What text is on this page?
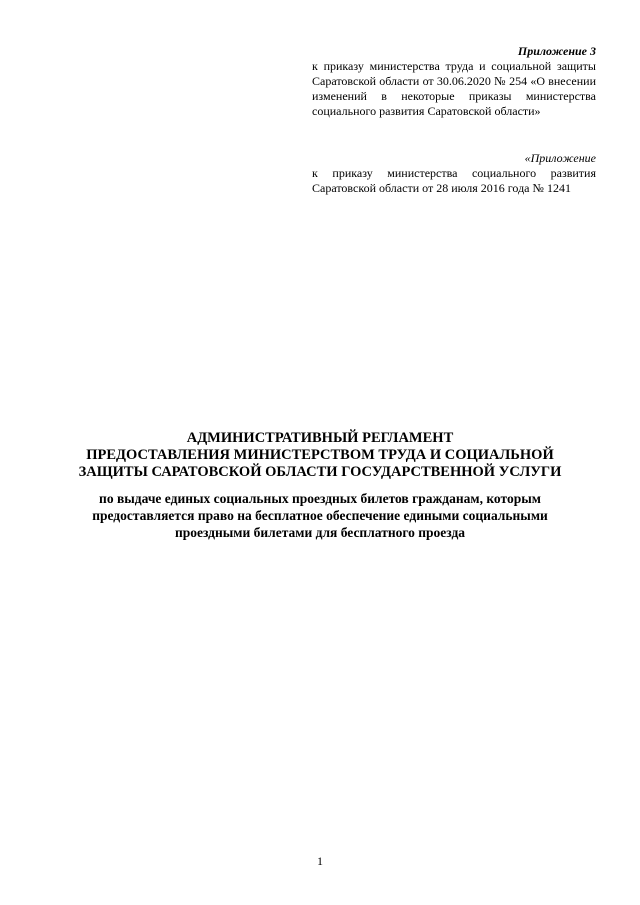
Приложение 3
к приказу министерства труда и социальной защиты Саратовской области от 30.06.2020 № 254 «О внесении изменений в некоторые приказы министерства социального развития Саратовской области»
«Приложение
к приказу министерства социального развития Саратовской области от 28 июля 2016 года № 1241
АДМИНИСТРАТИВНЫЙ РЕГЛАМЕНТ
ПРЕДОСТАВЛЕНИЯ МИНИСТЕРСТВОМ ТРУДА И СОЦИАЛЬНОЙ
ЗАЩИТЫ САРАТОВСКОЙ ОБЛАСТИ ГОСУДАРСТВЕННОЙ УСЛУГИ
по выдаче единых социальных проездных билетов гражданам, которым
предоставляется право на бесплатное обеспечение едиными социальными
проездными билетами для бесплатного проезда
1
